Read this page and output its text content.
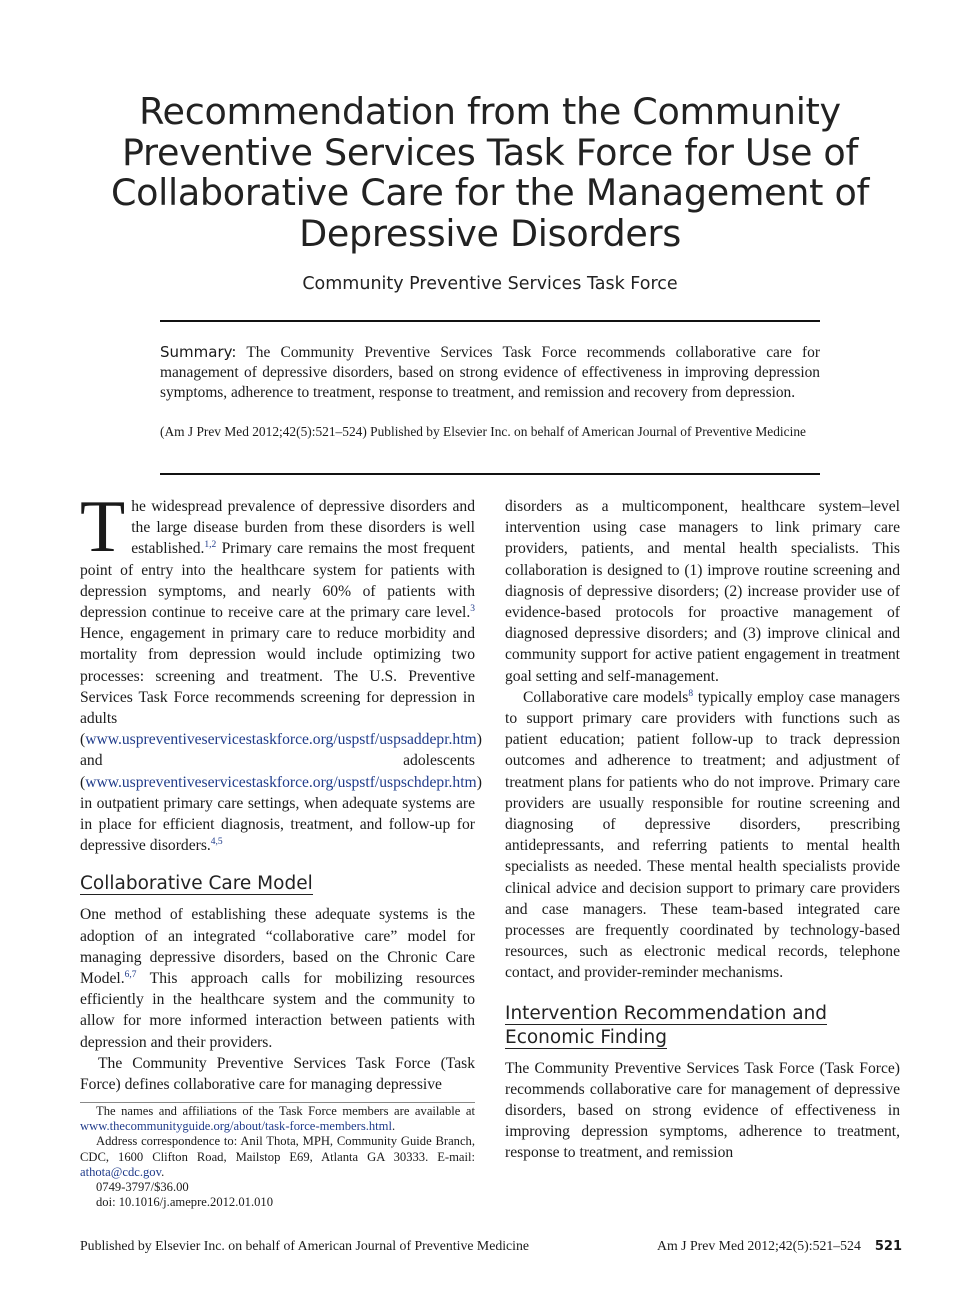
Recommendation from the Community Preventive Services Task Force for Use of Collaborative Care for the Management of Depressive Disorders
Community Preventive Services Task Force
Summary: The Community Preventive Services Task Force recommends collaborative care for management of depressive disorders, based on strong evidence of effectiveness in improving depression symptoms, adherence to treatment, response to treatment, and remission and recovery from depression.
(Am J Prev Med 2012;42(5):521–524) Published by Elsevier Inc. on behalf of American Journal of Preventive Medicine

The widespread prevalence of depressive disorders and the large disease burden from these disorders is well established.$^{1,2}$ Primary care remains the most frequent point of entry into the healthcare system for patients with depression symptoms, and nearly 60% of patients with depression continue to receive care at the primary care level.$^3$ Hence, engagement in primary care to reduce morbidity and mortality from depression would include optimizing two processes: screening and treatment. The U.S. Preventive Services Task Force recommends screening for depression in adults (www.uspreventiveservicestaskforce.org/uspstf/uspsaddepr.htm) and adolescents (www.uspreventiveservicestaskforce.org/uspstf/uspschdepr.htm) in outpatient primary care settings, when adequate systems are in place for efficient diagnosis, treatment, and follow-up for depressive disorders.$^{4,5}$

Collaborative Care Model

One method of establishing these adequate systems is the adoption of an integrated “collaborative care” model for managing depressive disorders, based on the Chronic Care Model.$^{6,7}$ This approach calls for mobilizing resources efficiently in the healthcare system and the community to allow for more informed interaction between patients with depression and their providers.

The Community Preventive Services Task Force (Task Force) defines collaborative care for managing depressive

disorders as a multicomponent, healthcare system–level intervention using case managers to link primary care providers, patients, and mental health specialists. This collaboration is designed to (1) improve routine screening and diagnosis of depressive disorders; (2) increase provider use of evidence-based protocols for proactive management of diagnosed depressive disorders; and (3) improve clinical and community support for active patient engagement in treatment goal setting and self-management.

Collaborative care models$^8$ typically employ case managers to support primary care providers with functions such as patient education; patient follow-up to track depression outcomes and adherence to treatment; and adjustment of treatment plans for patients who do not improve. Primary care providers are usually responsible for routine screening and diagnosing of depressive disorders, prescribing antidepressants, and referring patients to mental health specialists as needed. These mental health specialists provide clinical advice and decision support to primary care providers and case managers. These team-based integrated care processes are frequently coordinated by technology-based resources, such as electronic medical records, telephone contact, and provider-reminder mechanisms.

Intervention Recommendation and Economic Finding

The Community Preventive Services Task Force (Task Force) recommends collaborative care for management of depressive disorders, based on strong evidence of effectiveness in improving depression symptoms, adherence to treatment, response to treatment, and remission

The names and affiliations of the Task Force members are available at www.thecommunityguide.org/about/task-force-members.html.

Address correspondence to: Anil Thota, MPH, Community Guide Branch, CDC, 1600 Clifton Road, Mailstop E69, Atlanta GA 30333. E-mail: athota@cdc.gov.

0749-3797/$36.00

doi: 10.1016/j.amepre.2012.01.010

Published by Elsevier Inc. on behalf of American Journal of Preventive Medicine	Am J Prev Med 2012;42(5):521–524 521
